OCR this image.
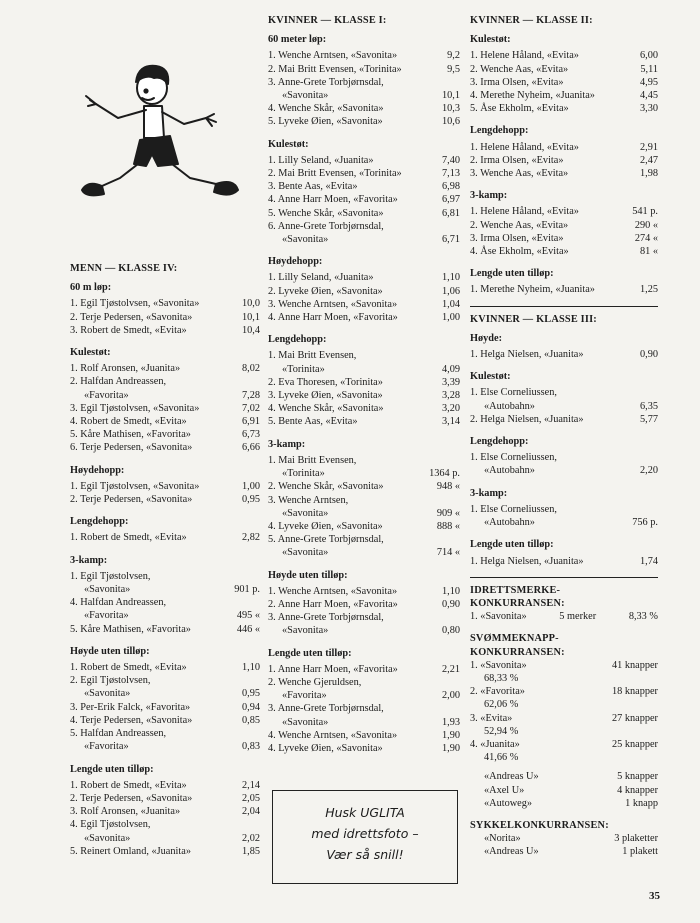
MENN — KLASSE IV:
60 m løp:
1. Egil Tjøstolvsen, «Savonita»	10,0
2. Terje Pedersen, «Savonita»	10,1
3. Robert de Smedt, «Evita»	10,4
Kulestøt:
1. Rolf Aronsen, «Juanita»	8,02
2. Halfdan Andreassen,
«Favorita»	7,28
3. Egil Tjøstolvsen, «Savonita»	7,02
4. Robert de Smedt, «Evita»	6,91
5. Kåre Mathisen, «Favorita»	6,73
6. Terje Pedersen, «Savonita»	6,66
Høydehopp:
1. Egil Tjøstolvsen, «Savonita»	1,00
2. Terje Pedersen, «Savonita»	0,95
Lengdehopp:
1. Robert de Smedt, «Evita»	2,82
3-kamp:
1. Egil Tjøstolvsen,
«Savonita»	901 p.
4. Halfdan Andreassen,
«Favorita»	495 «
5. Kåre Mathisen, «Favorita»	446 «
Høyde uten tilløp:
1. Robert de Smedt, «Evita»	1,10
2. Egil Tjøstolvsen,
«Savonita»	0,95
3. Per-Erik Falck, «Favorita»	0,94
4. Terje Pedersen, «Savonita»	0,85
5. Halfdan Andreassen,
«Favorita»	0,83
Lengde uten tilløp:
1. Robert de Smedt, «Evita»	2,14
2. Terje Pedersen, «Savonita»	2,05
3. Rolf Aronsen, «Juanita»	2,04
4. Egil Tjøstolvsen,
«Savonita»	2,02
5. Reinert Omland, «Juanita»	1,85
KVINNER — KLASSE I:
60 meter løp:
1. Wenche Arntsen, «Savonita»	9,2
2. Mai Britt Evensen, «Torinita»	9,5
3. Anne-Grete Torbjørnsdal,
«Savonita»	10,1
4. Wenche Skår, «Savonita»	10,3
5. Lyveke Øien, «Savonita»	10,6
Kulestøt:
1. Lilly Seland, «Juanita»	7,40
2. Mai Britt Evensen, «Torinita»	7,13
3. Bente Aas, «Evita»	6,98
4. Anne Harr Moen, «Favorita»	6,97
5. Wenche Skår, «Savonita»	6,81
6. Anne-Grete Torbjørnsdal,
«Savonita»	6,71
Høydehopp:
1. Lilly Seland, «Juanita»	1,10
2. Lyveke Øien, «Savonita»	1,06
3. Wenche Arntsen, «Savonita»	1,04
4. Anne Harr Moen, «Favorita»	1,00
Lengdehopp:
1. Mai Britt Evensen,
«Torinita»	4,09
2. Eva Thoresen, «Torinita»	3,39
3. Lyveke Øien, «Savonita»	3,28
4. Wenche Skår, «Savonita»	3,20
5. Bente Aas, «Evita»	3,14
3-kamp:
1. Mai Britt Evensen,
«Torinita»	1364 p.
2. Wenche Skår, «Savonita»	948 «
3. Wenche Arntsen,
«Savonita»	909 «
4. Lyveke Øien, «Savonita»	888 «
5. Anne-Grete Torbjørnsdal,
«Savonita»	714 «
Høyde uten tilløp:
1. Wenche Arntsen, «Savonita»	1,10
2. Anne Harr Moen, «Favorita»	0,90
3. Anne-Grete Torbjørnsdal,
«Savonita»	0,80
Lengde uten tilløp:
1. Anne Harr Moen, «Favorita»	2,21
2. Wenche Gjeruldsen,
«Favorita»	2,00
3. Anne-Grete Torbjørnsdal,
«Savonita»	1,93
4. Wenche Arntsen, «Savonita»	1,90
4. Lyveke Øien, «Savonita»	1,90
KVINNER — KLASSE II:
Kulestøt:
1. Helene Håland, «Evita»	6,00
2. Wenche Aas, «Evita»	5,11
3. Irma Olsen, «Evita»	4,95
4. Merethe Nyheim, «Juanita»	4,45
5. Åse Ekholm, «Evita»	3,30
Lengdehopp:
1. Helene Håland, «Evita»	2,91
2. Irma Olsen, «Evita»	2,47
3. Wenche Aas, «Evita»	1,98
3-kamp:
1. Helene Håland, «Evita»	541 p.
2. Wenche Aas, «Evita»	290 «
3. Irma Olsen, «Evita»	274 «
4. Åse Ekholm, «Evita»	81 «
Lengde uten tilløp:
1. Merethe Nyheim, «Juanita»	1,25
KVINNER — KLASSE III:
Høyde:
1. Helga Nielsen, «Juanita»	0,90
Kulestøt:
1. Else Corneliussen,
«Autobahn»	6,35
2. Helga Nielsen, «Juanita»	5,77
Lengdehopp:
1. Else Corneliussen,
«Autobahn»	2,20
3-kamp:
1. Else Corneliussen,
«Autobahn»	756 p.
Lengde uten tilløp:
1. Helga Nielsen, «Juanita»	1,74
IDRETTSMERKE-
KONKURRANSEN:
1. «Savonita»	5 merker	8,33 %
SVØMMEKNAPP-
KONKURRANSEN:
1. «Savonita»	41 knapper
68,33 %
2. «Favorita»	18 knapper
62,06 %
3. «Evita»	27 knapper
52,94 %
4. «Juanita»	25 knapper
41,66 %
«Andreas U»	5 knapper
«Axel U»	4 knapper
«Autoweg»	1 knapp
SYKKELKONKURRANSEN:
«Norita»	3 plaketter
«Andreas U»	1 plakett
Husk UGLITA
med idrettsfoto –
Vær så snill!
35
